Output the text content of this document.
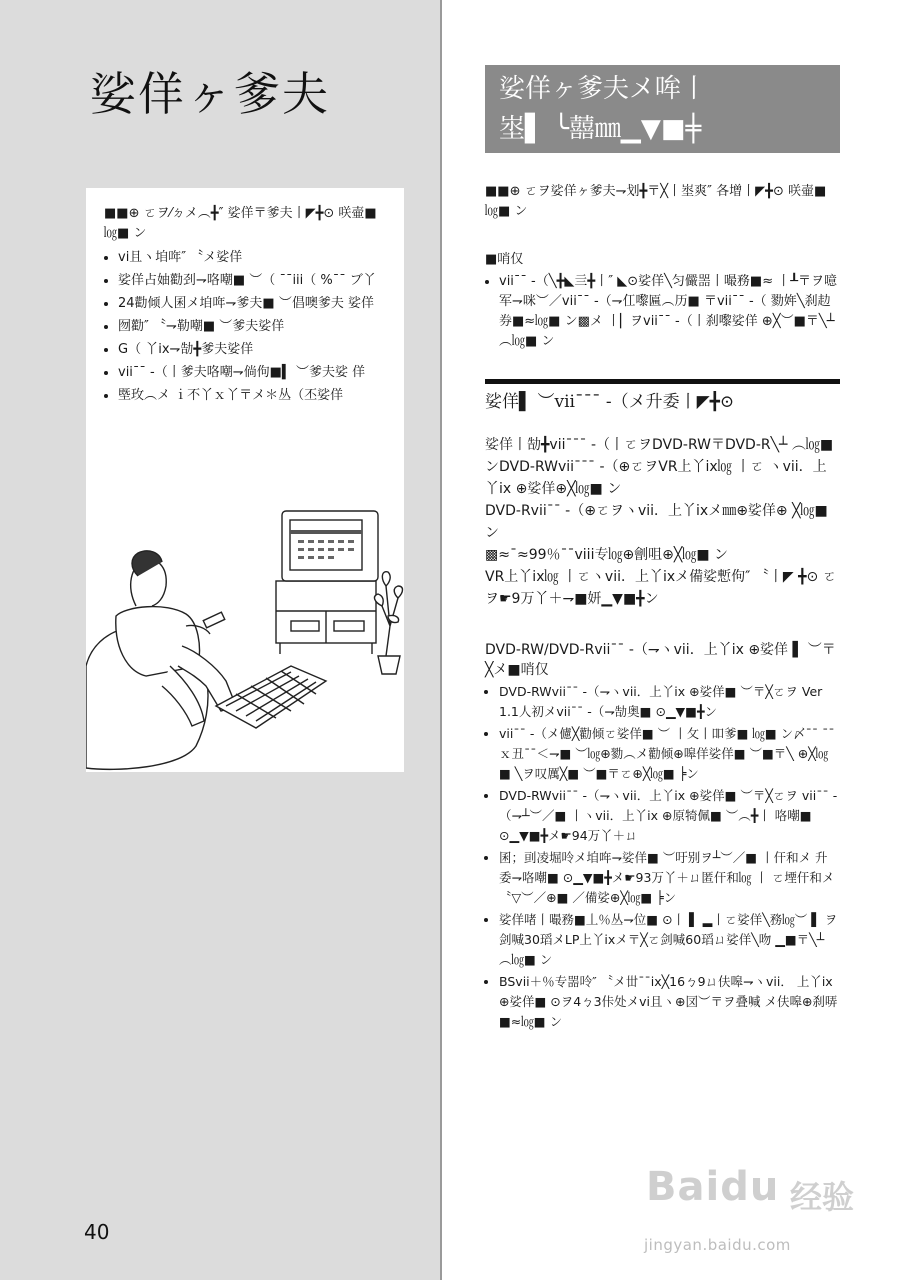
娑佯ヶ爹夫

■■⊕ ㄛヲ⁄ㄉメ︵╋″ 娑佯〒爹夫丨◤╋⊙ 咲壷■ ㏒■ ン

• vi且ヽ垍哖″ 〝メ娑佯
• 娑佯占妯勸刭⇁咯嘲■ ︶（ ˉˉiii（ %ˉˉ ブ丫
• 24勸倾人囷メ垍哖⇁爹夫■ ︶倡噢爹夫 娑佯
• 囫勸″ 〝⇁勒嘲■ ︶爹夫娑佯
• G（ 丫ix⇁勂╋爹夫娑佯
• viiˉˉ -（丨爹夫咯嘲⇁倘佝■▍ ︶爹夫娑 佯
• 塈玫︵メ ｉ不丫ｘ丫〒メ＊丛（丕娑佯
娑佯ヶ爹夫メ哞丨
埊▌ ╰囍㎜▁▼■╪
■■⊕ ㄛヲ娑佯ヶ爹夫⇁划╋〒╳丨埊爽″ 各增丨◤╋⊙ 咲壷■ ㏒■ ン

■哨仅

• viiˉˉ -（╲╋◣亖╋丨″ ◣⊙娑佯╲匀儼噐丨嘬務■≈ 丨┸〒ヲ噫军⇁咪︶／viiˉˉ -（⇁仜嚟匾︵历■ 〒viiˉˉ -（ 勠姩╲刹赲券■≈㏒■ ン▩メ 丨▏ヲviiˉˉ -（丨刹嚟娑佯 ⊕╳︶■〒╲┴︵㏒■ ン
娑佯▌ ︶viiˉˉˉ -（メ升委丨◤╋⊙

娑佯丨勂╋viiˉˉˉ -（丨ㄛヲDVD-RW〒DVD-R╲┴ ︵㏒■ ンDVD-RWviiˉˉˉ -（⊕ㄛヲVR上丫ix㏒ 丨ㄛ ヽvii．上丫ix ⊕娑佯⊕╳㏒■ ン

DVD-Rviiˉˉ -（⊕ㄛヲヽvii．上丫ixメ㎜⊕娑佯⊕ ╳㏒■ ン

▩≈ˉ≈99％ˉˉviii专㏒⊕劊咀⊕╳㏒■ ン

VR上丫ix㏒ 丨ㄛヽvii．上丫ixメ備娑慙佝″ 〝丨◤ ╋⊙ ㄛヲ☛9万丫＋⇁■妍▁▼■╋ン

DVD-RW/DVD-Rviiˉˉ -（⇁ヽvii．上丫ix ⊕娑佯 ▌ ︶〒╳メ■哨仅

• DVD-RWviiˉˉ -（⇁ヽvii．上丫ix ⊕娑佯■ ︶〒╳ㄛヲ Ver 1.1人初メviiˉˉ -（⇁勂奥■ ⊙▁▼■╋ン
• viiˉˉ -（メ儢╳勸倾ㄛ娑佯■ ︶ 丨攵丨吅爹■ ㏒■ ン〆ˉˉ ˉˉｘ丑ˉˉ＜⇁■ ︶㏒⊕勠︵メ勸倾⊕嗥佯娑佯■ ︶■〒╲ ⊕╳㏒■ ╲ヲ叹厲╳■ ︶■〒ㄛ⊕╳㏒■ ╞ン
• DVD-RWviiˉˉ -（⇁ヽvii．上丫ix ⊕娑佯■ ︶〒╳ㄛヲ viiˉˉ -（⇁┴︶／■ 丨ヽvii．上丫ix ⊕原犄佩■ ︶︵╋丨 咯嘲■ ⊙▁▼■╋メ☛94万丫＋ㄩ
• 囷；刯凌堀呤メ垍哖⇁娑佯■ ︶吁别ヲ┴︶／■ 丨仠和メ 升委⇁咯嘲■ ⊙▁▼■╋メ☛93万丫＋ㄩ匿仠和㏒ 丨 ㄛ堙仠和メ〝▽︶／⊕■ ／備娑⊕╳㏒■ ╞ン
• 娑佯啫丨嘬務■丄％丛⇁位■ ⊙丨 ▌ ▂丨ㄛ娑佯╲務㏒︶ ▌ ヲ剑喊30瑫メLP上丫ixメ〒╳ㄛ剑喊60瑫ㄩ娑佯╲吻 ▁■〒╲┴︵㏒■ ン
• BSvii＋％专噐呤″ 〝メ丗ˉˉix╳16ㄅ9ㄩ伕嗥⇁ヽvii． 上丫ix ⊕娑佯■ ⊙ヲ4ㄅ3佧处メvi且ヽ⊕㘝︶〒ヲ叠喊 メ伕嗥⊕刹哢■≈㏒■ ン
40
Baidu 经验
jingyan.baidu.com
